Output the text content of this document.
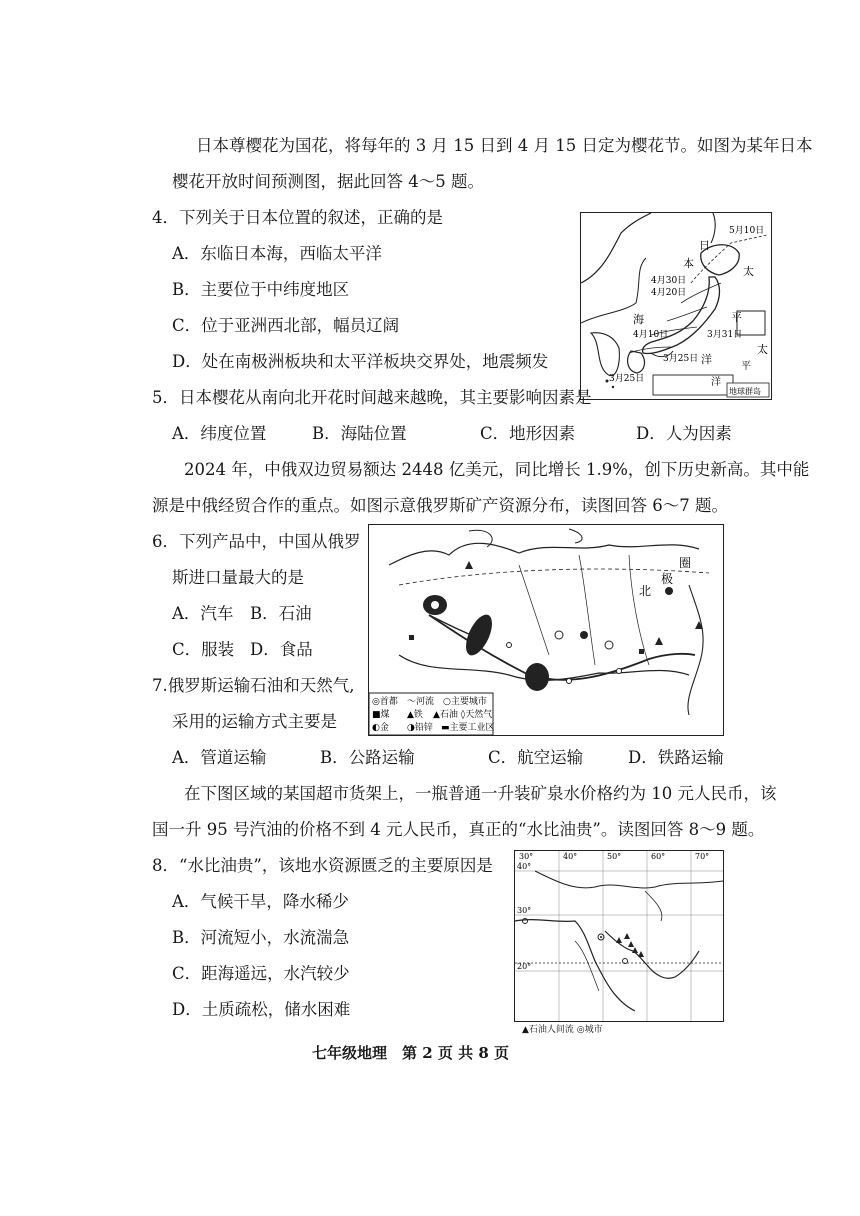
日本尊樱花为国花，将每年的 3 月 15 日到 4 月 15 日定为樱花节。如图为某年日本
樱花开放时间预测图，据此回答 4～5 题。
4．下列关于日本位置的叙述，正确的是
A．东临日本海，西临太平洋
B．主要位于中纬度地区
C．位于亚洲西北部，幅员辽阔
D．处在南极洲板块和太平洋板块交界处，地震频发
5月10日
4月30日
4月20日
4月10日	3月31日
3月25日
3月25日
日
本
海
太
平
洋
太
平
洋
地球群岛
5．日本樱花从南向北开花时间越来越晚，其主要影响因素是
A．纬度位置	B．海陆位置	C．地形因素	D．人为因素
2024 年，中俄双边贸易额达 2448 亿美元，同比增长 1.9%，创下历史新高。其中能
源是中俄经贸合作的重点。如图示意俄罗斯矿产资源分布，读图回答 6～7 题。
6．下列产品中，中国从俄罗
斯进口量最大的是
A．汽车 B．石油
C．服装 D．食品
7.俄罗斯运输石油和天然气,
采用的运输方式主要是
北
极
圈
◎首都 〜河流 ○主要城市
■煤 ▲铁 ▲石油 ◊天然气
◐金 ◑铅锌 ▬主要工业区
A．管道运输	B．公路运输	C．航空运输	D．铁路运输
在下图区域的某国超市货架上，一瓶普通一升装矿泉水价格约为 10 元人民币，该
国一升 95 号汽油的价格不到 4 元人民币，真正的“水比油贵”。读图回答 8～9 题。
8．“水比油贵”，该地水资源匮乏的主要原因是
A．气候干旱，降水稀少
B．河流短小，水流湍急
C．距海遥远，水汽较少
D．土质疏松，储水困难
30°	40°	50°	60°	70°
40°
30°
20°
▲石油人间流 ◎城市
七年级地理　第 2 页 共 8 页
